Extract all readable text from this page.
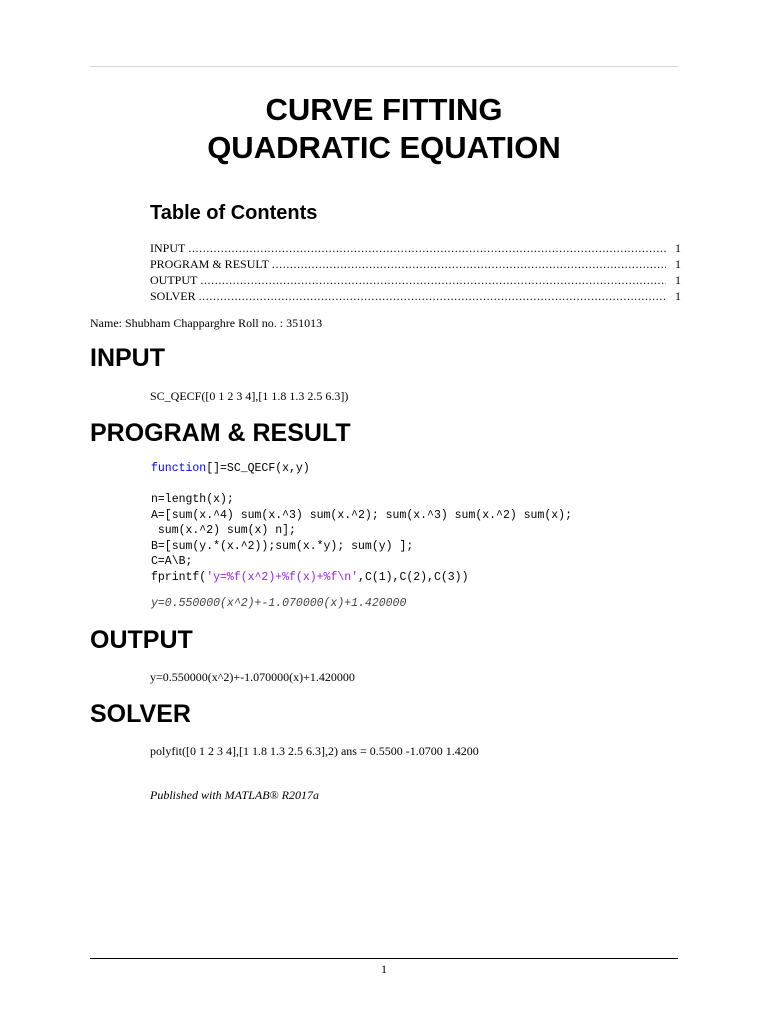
CURVE FITTING
QUADRATIC EQUATION
Table of Contents
INPUT .....	1
PROGRAM & RESULT .....	1
OUTPUT .....	1
SOLVER .....	1
Name: Shubham Chapparghre Roll no. : 351013
INPUT
SC_QECF([0 1 2 3 4],[1 1.8 1.3 2.5 6.3])
PROGRAM & RESULT
function[]=SC_QECF(x,y)
n=length(x);
A=[sum(x.^4) sum(x.^3) sum(x.^2); sum(x.^3) sum(x.^2) sum(x);
sum(x.^2) sum(x) n];
B=[sum(y.*(x.^2));sum(x.*y); sum(y) ];
C=A\B;
fprintf('y=%f(x^2)+%f(x)+%f\n',C(1),C(2),C(3))
y=0.550000(x^2)+-1.070000(x)+1.420000
OUTPUT
y=0.550000(x^2)+-1.070000(x)+1.420000
SOLVER
polyfit([0 1 2 3 4],[1 1.8 1.3 2.5 6.3],2) ans = 0.5500 -1.0700 1.4200
Published with MATLAB® R2017a
1
